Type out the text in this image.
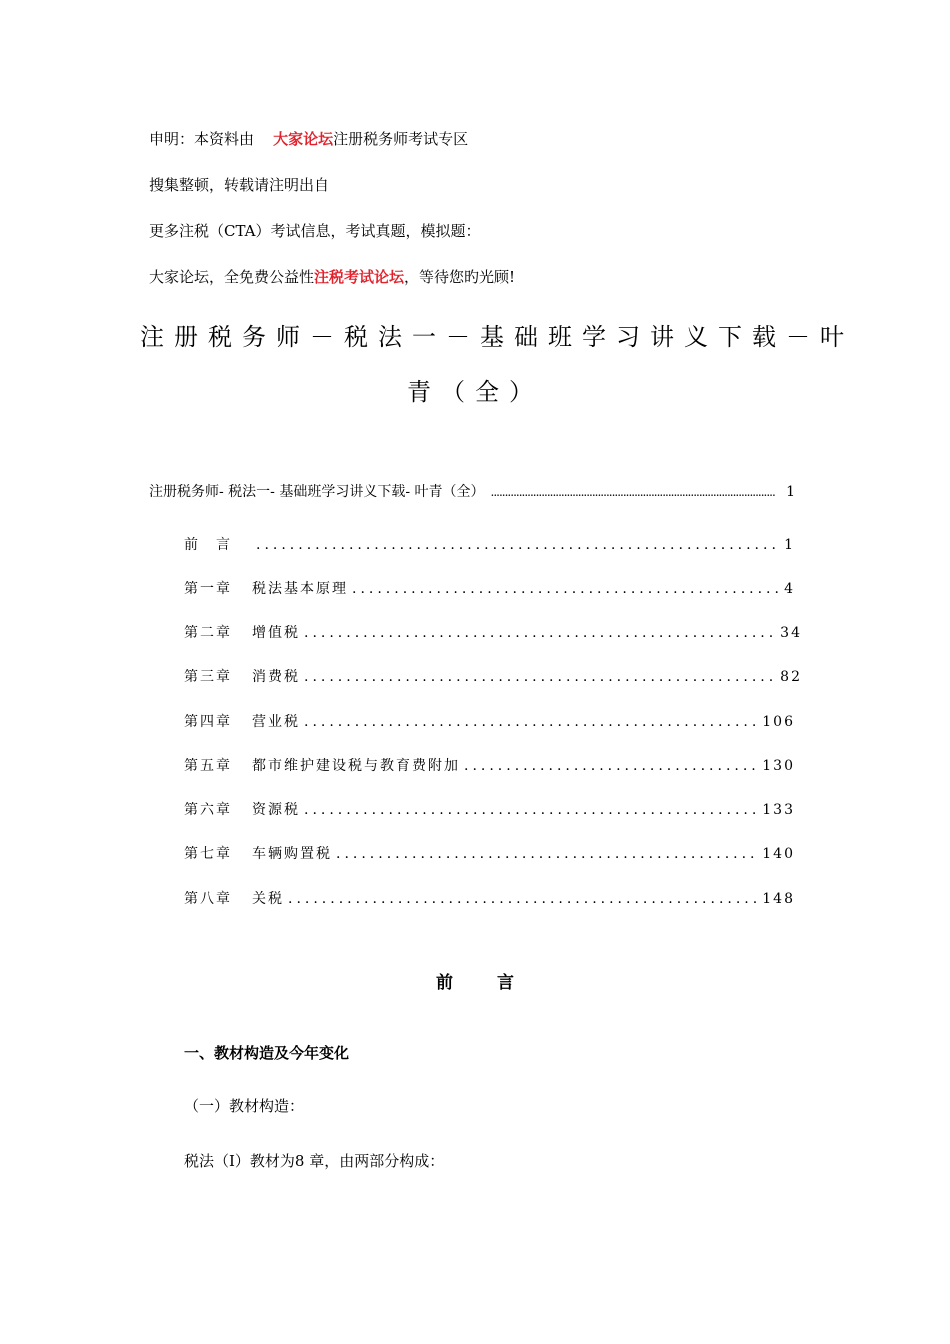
申明：本资料由 大家论坛注册税务师考试专区
搜集整顿，转载请注明出自
更多注税（CTA）考试信息，考试真题，模拟题：
大家论坛，全免费公益性注税考试论坛，等待您旳光顾!
注册税务师－税法一－基础班学习讲义下载－叶
青（全）
注册税务师- 税法一- 基础班学习讲义下载- 叶青（全） .....	1
前　言 .....	1
第一章	税法基本原理 .....	4
第二章	增值税 .....	34
第三章	消费税 .....	82
第四章	营业税 .....	106
第五章	都市维护建设税与教育费附加 .....	130
第六章	资源税 .....	133
第七章	车辆购置税 .....	140
第八章	关税 .....	148
前 言
一、教材构造及今年变化
（一）教材构造：
税法（Ⅰ）教材为8 章，由两部分构成：
